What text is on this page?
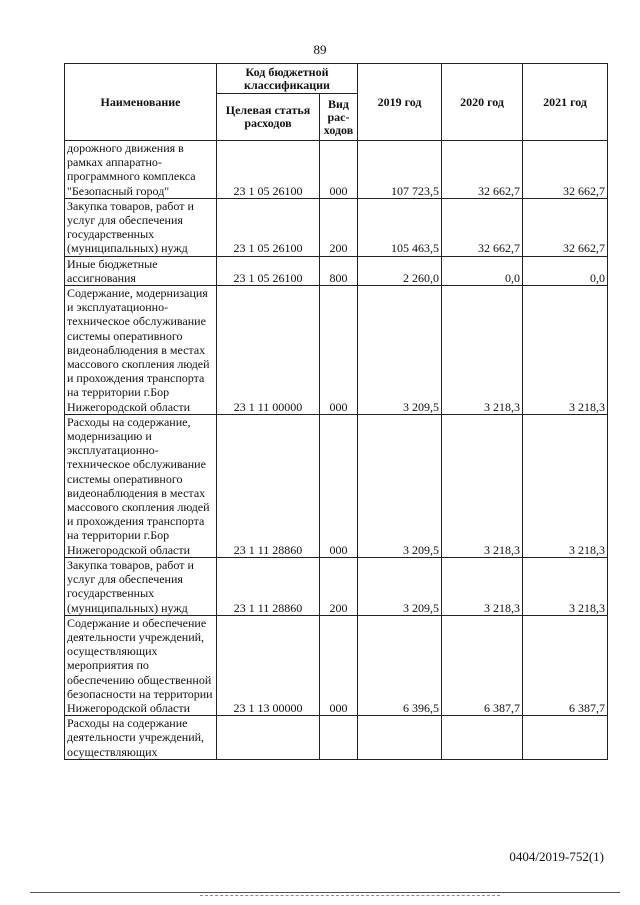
89
Наименование	Код бюджетной классификации		2019 год	2020 год	2021 год
	Целевая статья расходов	Вид рас-ходов			
дорожного движения в рамках аппаратно-программного комплекса "Безопасный город"	23 1 05 26100	000	107 723,5	32 662,7	32 662,7
Закупка товаров, работ и услуг для обеспечения государственных (муниципальных) нужд	23 1 05 26100	200	105 463,5	32 662,7	32 662,7
Иные бюджетные ассигнования	23 1 05 26100	800	2 260,0	0,0	0,0
Содержание, модернизация и эксплуатационно-техническое обслуживание системы оперативного видеонаблюдения в местах массового скопления людей и прохождения транспорта на территории г.Бор Нижегородской области	23 1 11 00000	000	3 209,5	3 218,3	3 218,3
Расходы на содержание, модернизацию и эксплуатационно-техническое обслуживание системы оперативного видеонаблюдения в местах массового скопления людей и прохождения транспорта на территории г.Бор Нижегородской области	23 1 11 28860	000	3 209,5	3 218,3	3 218,3
Закупка товаров, работ и услуг для обеспечения государственных (муниципальных) нужд	23 1 11 28860	200	3 209,5	3 218,3	3 218,3
Содержание и обеспечение деятельности учреждений, осуществляющих мероприятия по обеспечению общественной безопасности на территории Нижегородской области	23 1 13 00000	000	6 396,5	6 387,7	6 387,7
Расходы на содержание деятельности учреждений, осуществляющих					
0404/2019-752(1)
